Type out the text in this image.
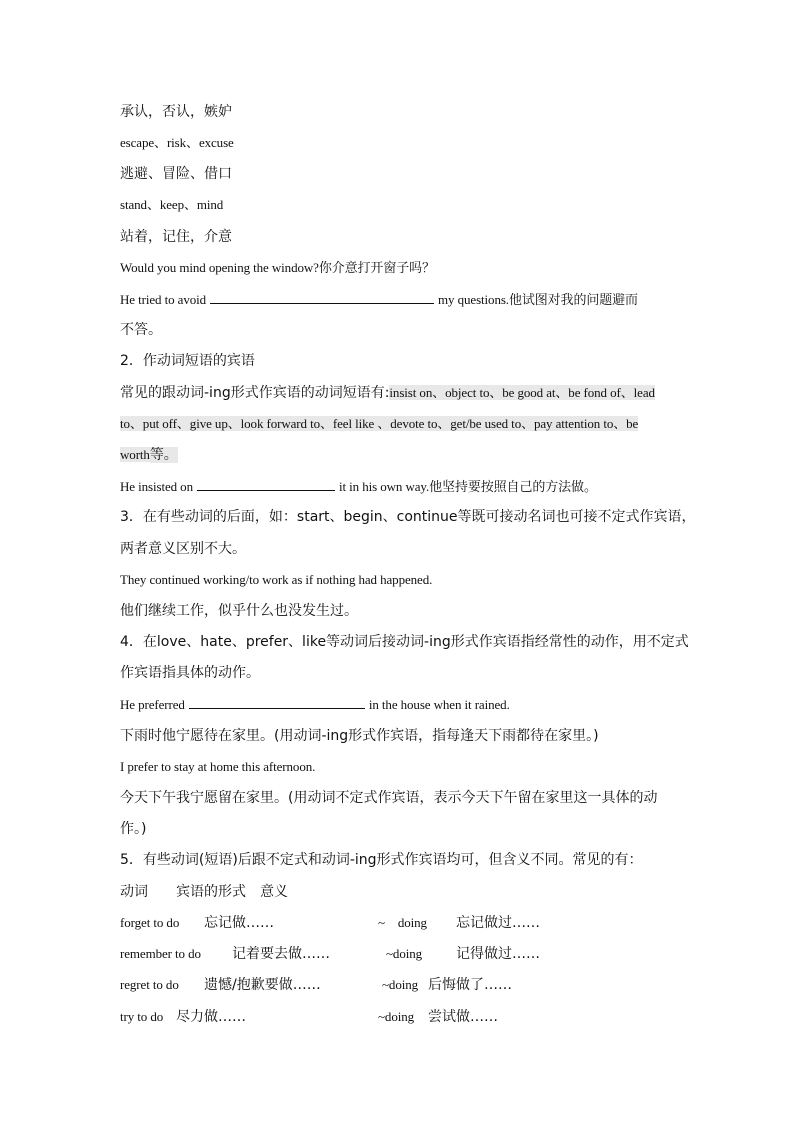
承认，否认，嫉妒
escape、risk、excuse
逃避、冒险、借口
stand、keep、mind
站着，记住，介意
Would you mind opening the window?你介意打开窗子吗？
He tried to avoid	my questions.他试图对我的问题避而
不答。
2．作动词短语的宾语
常见的跟动词-ing形式作宾语的动词短语有:insist on、object to、be good at、be fond of、lead
to、put off、give up、look forward to、feel like 、devote to、get/be used to、pay attention to、be
worth等。
He insisted on	it in his own way.他坚持要按照自己的方法做。
3．在有些动词的后面，如：start、begin、continue等既可接动名词也可接不定式作宾语，
两者意义区别不大。
They continued working/to work as if nothing had happened.
他们继续工作，似乎什么也没发生过。
4．在love、hate、prefer、like等动词后接动词-ing形式作宾语指经常性的动作，用不定式
作宾语指具体的动作。
He preferred	in the house when it rained.
下雨时他宁愿待在家里。(用动词-ing形式作宾语，指每逢天下雨都待在家里。)
I prefer to stay at home this afternoon.
今天下午我宁愿留在家里。(用动词不定式作宾语，表示今天下午留在家里这一具体的动
作。)
5．有些动词(短语)后跟不定式和动词-ing形式作宾语均可，但含义不同。常见的有：
动词　　宾语的形式　意义
forget to do 忘记做……	~　doing 忘记做过……
remember to do 记着要去做……	~doing 记得做过……
regret to do 遗憾/抱歉要做……	~doing 后悔做了……
try to do 尽力做……	~doing 尝试做……
